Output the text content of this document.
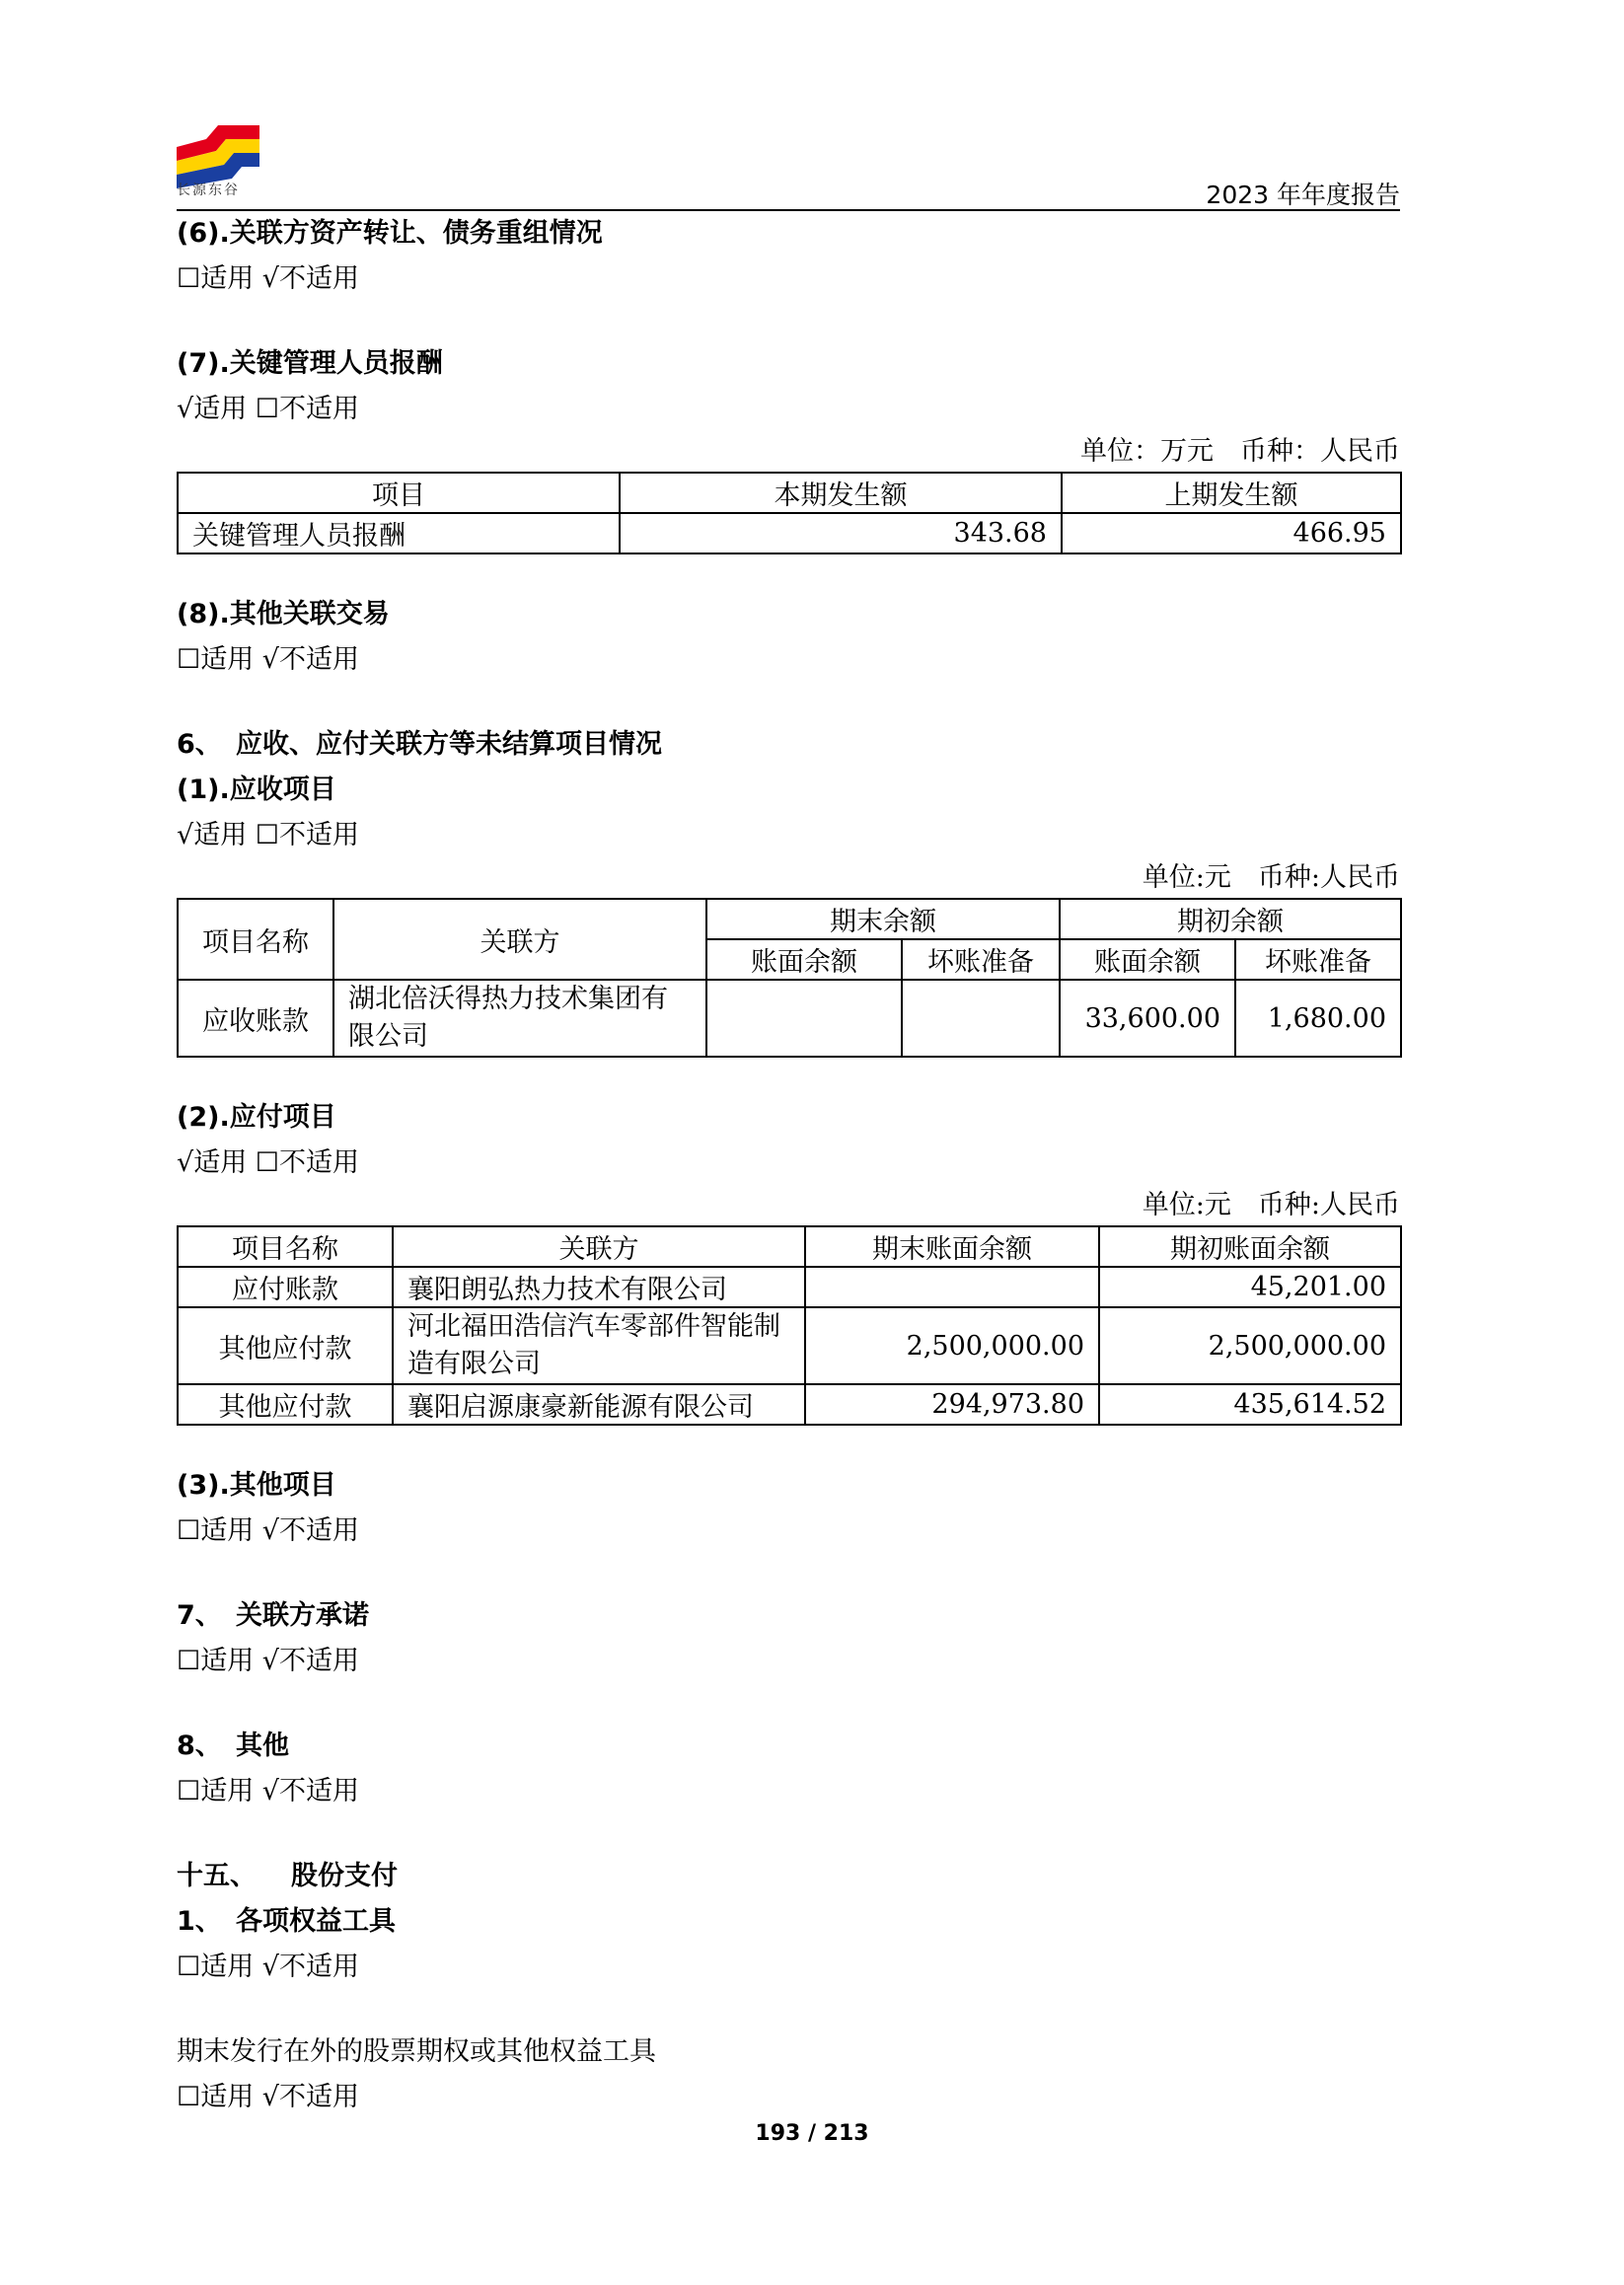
长源东谷	2023 年年度报告
(6).关联方资产转让、债务重组情况
☐适用 √不适用
(7).关键管理人员报酬
√适用 ☐不适用
单位：万元　币种：人民币
项目	本期发生额	上期发生额
关键管理人员报酬	343.68	466.95
(8).其他关联交易
☐适用 √不适用
6、 应收、应付关联方等未结算项目情况
(1).应收项目
√适用 ☐不适用
单位:元　币种:人民币
项目名称	关联方	期末余额		期初余额	
		账面余额	坏账准备	账面余额	坏账准备
应收账款	湖北倍沃得热力技术集团有限公司			33,600.00	1,680.00
(2).应付项目
√适用 ☐不适用
单位:元　币种:人民币
项目名称	关联方	期末账面余额	期初账面余额
应付账款	襄阳朗弘热力技术有限公司		45,201.00
其他应付款	河北福田浩信汽车零部件智能制造有限公司	2,500,000.00	2,500,000.00
其他应付款	襄阳启源康豪新能源有限公司	294,973.80	435,614.52
(3).其他项目
☐适用 √不适用
7、 关联方承诺
☐适用 √不适用
8、 其他
☐适用 √不适用
十五、 股份支付
1、 各项权益工具
☐适用 √不适用
期末发行在外的股票期权或其他权益工具
☐适用 √不适用
193 / 213
